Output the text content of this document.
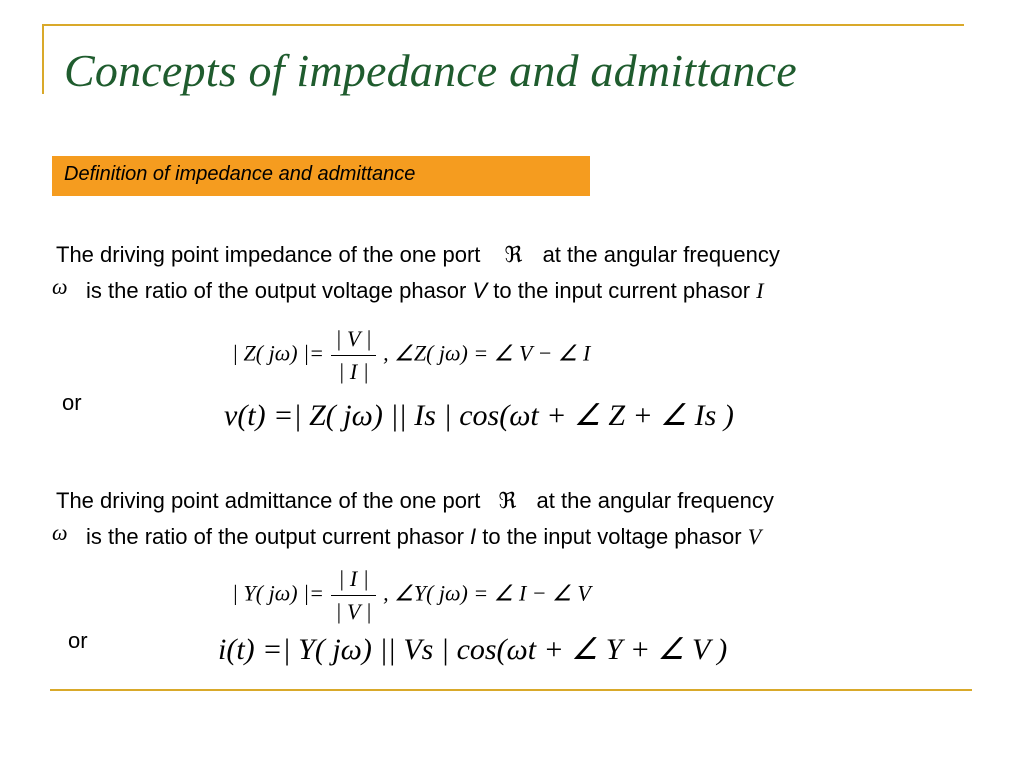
Concepts of impedance and admittance
Definition of impedance and admittance
The driving point impedance of the one port ℜ at the angular frequency
ω is the ratio of the output voltage phasor V to the input current phasor I
| Z( jω) |= $\frac{| V |}{| I |}$ , ∠Z( jω) = ∠ V − ∠ I
or	v(t) =| Z( jω) || Is | cos(ωt + ∠ Z + ∠ Is )
The driving point admittance of the one port ℜ at the angular frequency
ω is the ratio of the output current phasor I to the input voltage phasor V
| Y( jω) |= $\frac{| I |}{| V |}$ , ∠Y( jω) = ∠ I − ∠ V
or	i(t) =| Y( jω) || Vs | cos(ωt + ∠ Y + ∠ V )
